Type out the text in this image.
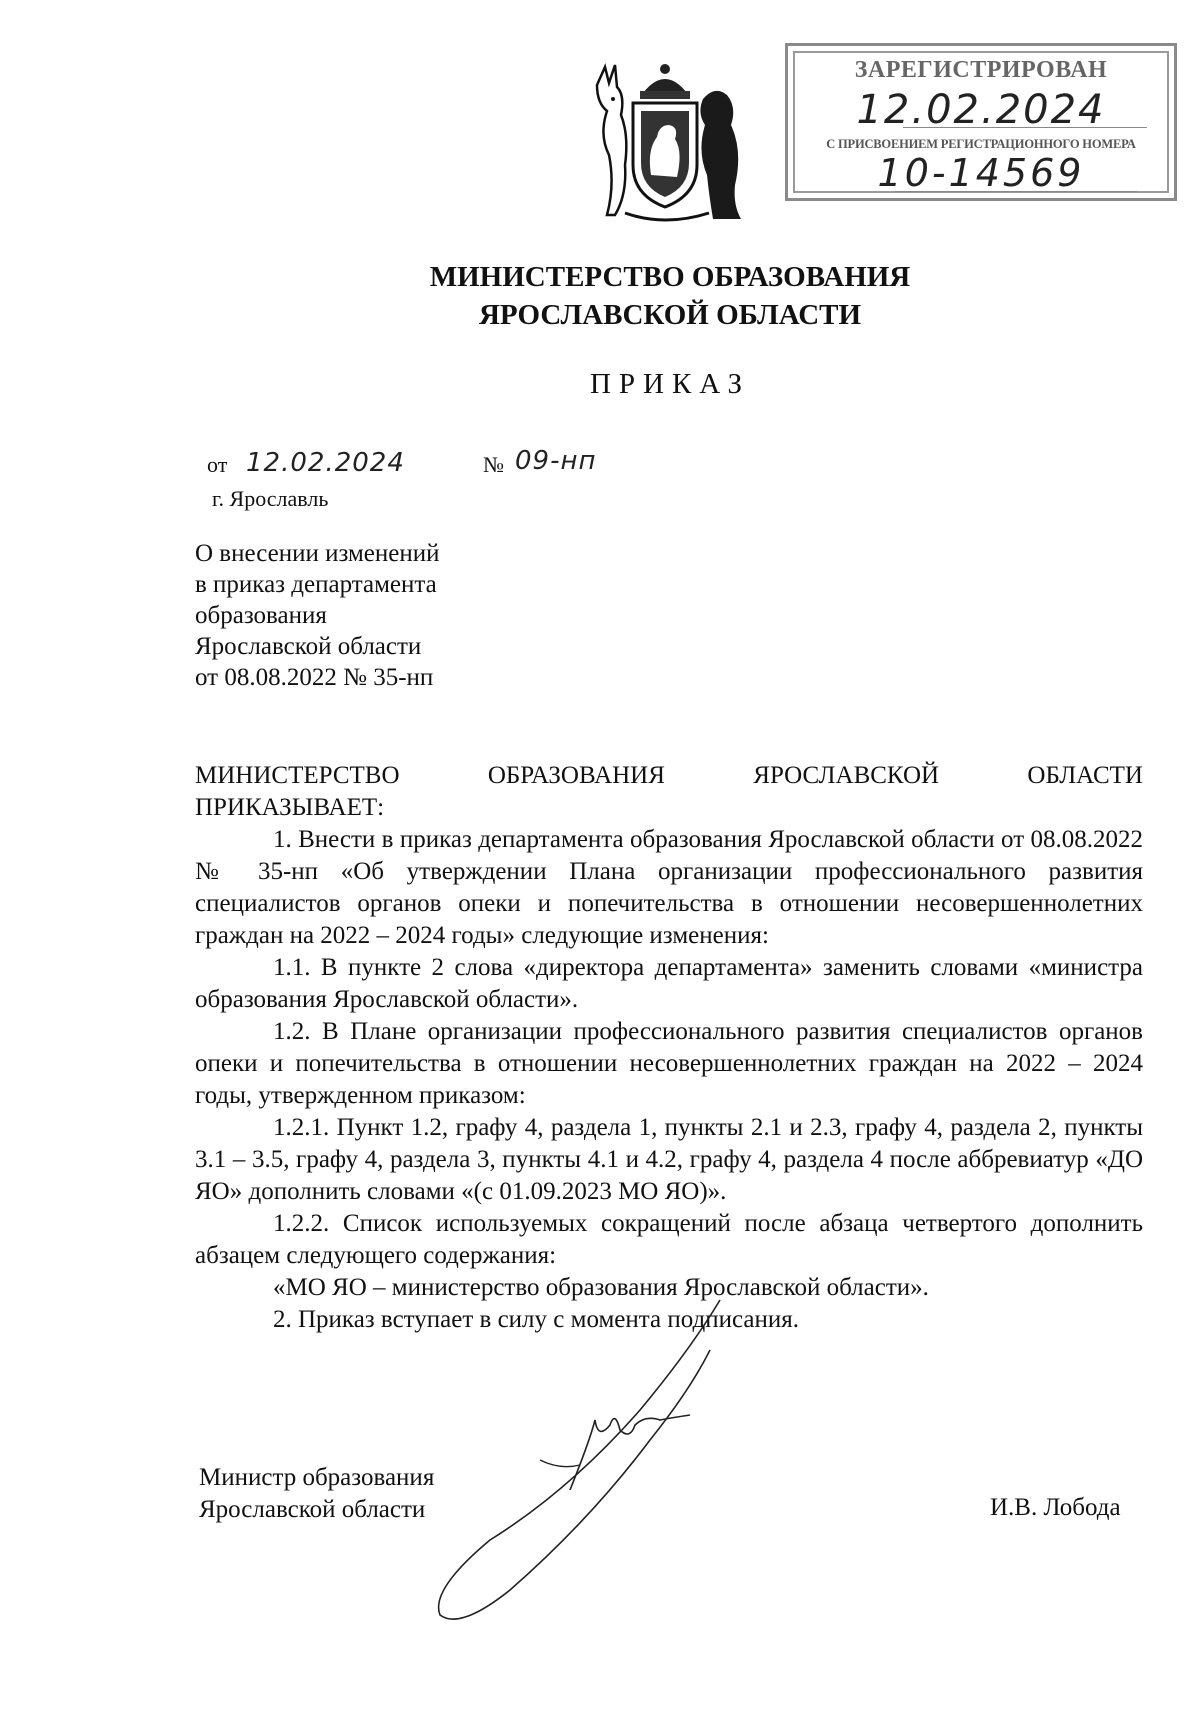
ЗАРЕГИСТРИРОВАН
12.02.2024
С ПРИСВОЕНИЕМ РЕГИСТРАЦИОННОГО НОМЕРА
10-14569
МИНИСТЕРСТВО ОБРАЗОВАНИЯ
ЯРОСЛАВСКОЙ ОБЛАСТИ
ПРИКАЗ
от 12.02.2024	№ 09-нп
г. Ярославль
О внесении изменений
в приказ департамента
образования
Ярославской области
от 08.08.2022 № 35-нп

МИНИСТЕРСТВО ОБРАЗОВАНИЯ ЯРОСЛАВСКОЙ ОБЛАСТИ

ПРИКАЗЫВАЕТ:

1. Внести в приказ департамента образования Ярославской области от 08.08.2022 № 35-нп «Об утверждении Плана организации профессионального развития специалистов органов опеки и попечительства в отношении несовершеннолетних граждан на 2022 – 2024 годы» следующие изменения:

1.1. В пункте 2 слова «директора департамента» заменить словами «министра образования Ярославской области».

1.2. В Плане организации профессионального развития специалистов органов опеки и попечительства в отношении несовершеннолетних граждан на 2022 – 2024 годы, утвержденном приказом:

1.2.1. Пункт 1.2, графу 4, раздела 1, пункты 2.1 и 2.3, графу 4, раздела 2, пункты 3.1 – 3.5, графу 4, раздела 3, пункты 4.1 и 4.2, графу 4, раздела 4 после аббревиатур «ДО ЯО» дополнить словами «(с 01.09.2023 МО ЯО)».

1.2.2. Список используемых сокращений после абзаца четвертого дополнить абзацем следующего содержания:

«МО ЯО – министерство образования Ярославской области».

2. Приказ вступает в силу с момента подписания.

Министр образования
Ярославской области	И.В. Лобода
